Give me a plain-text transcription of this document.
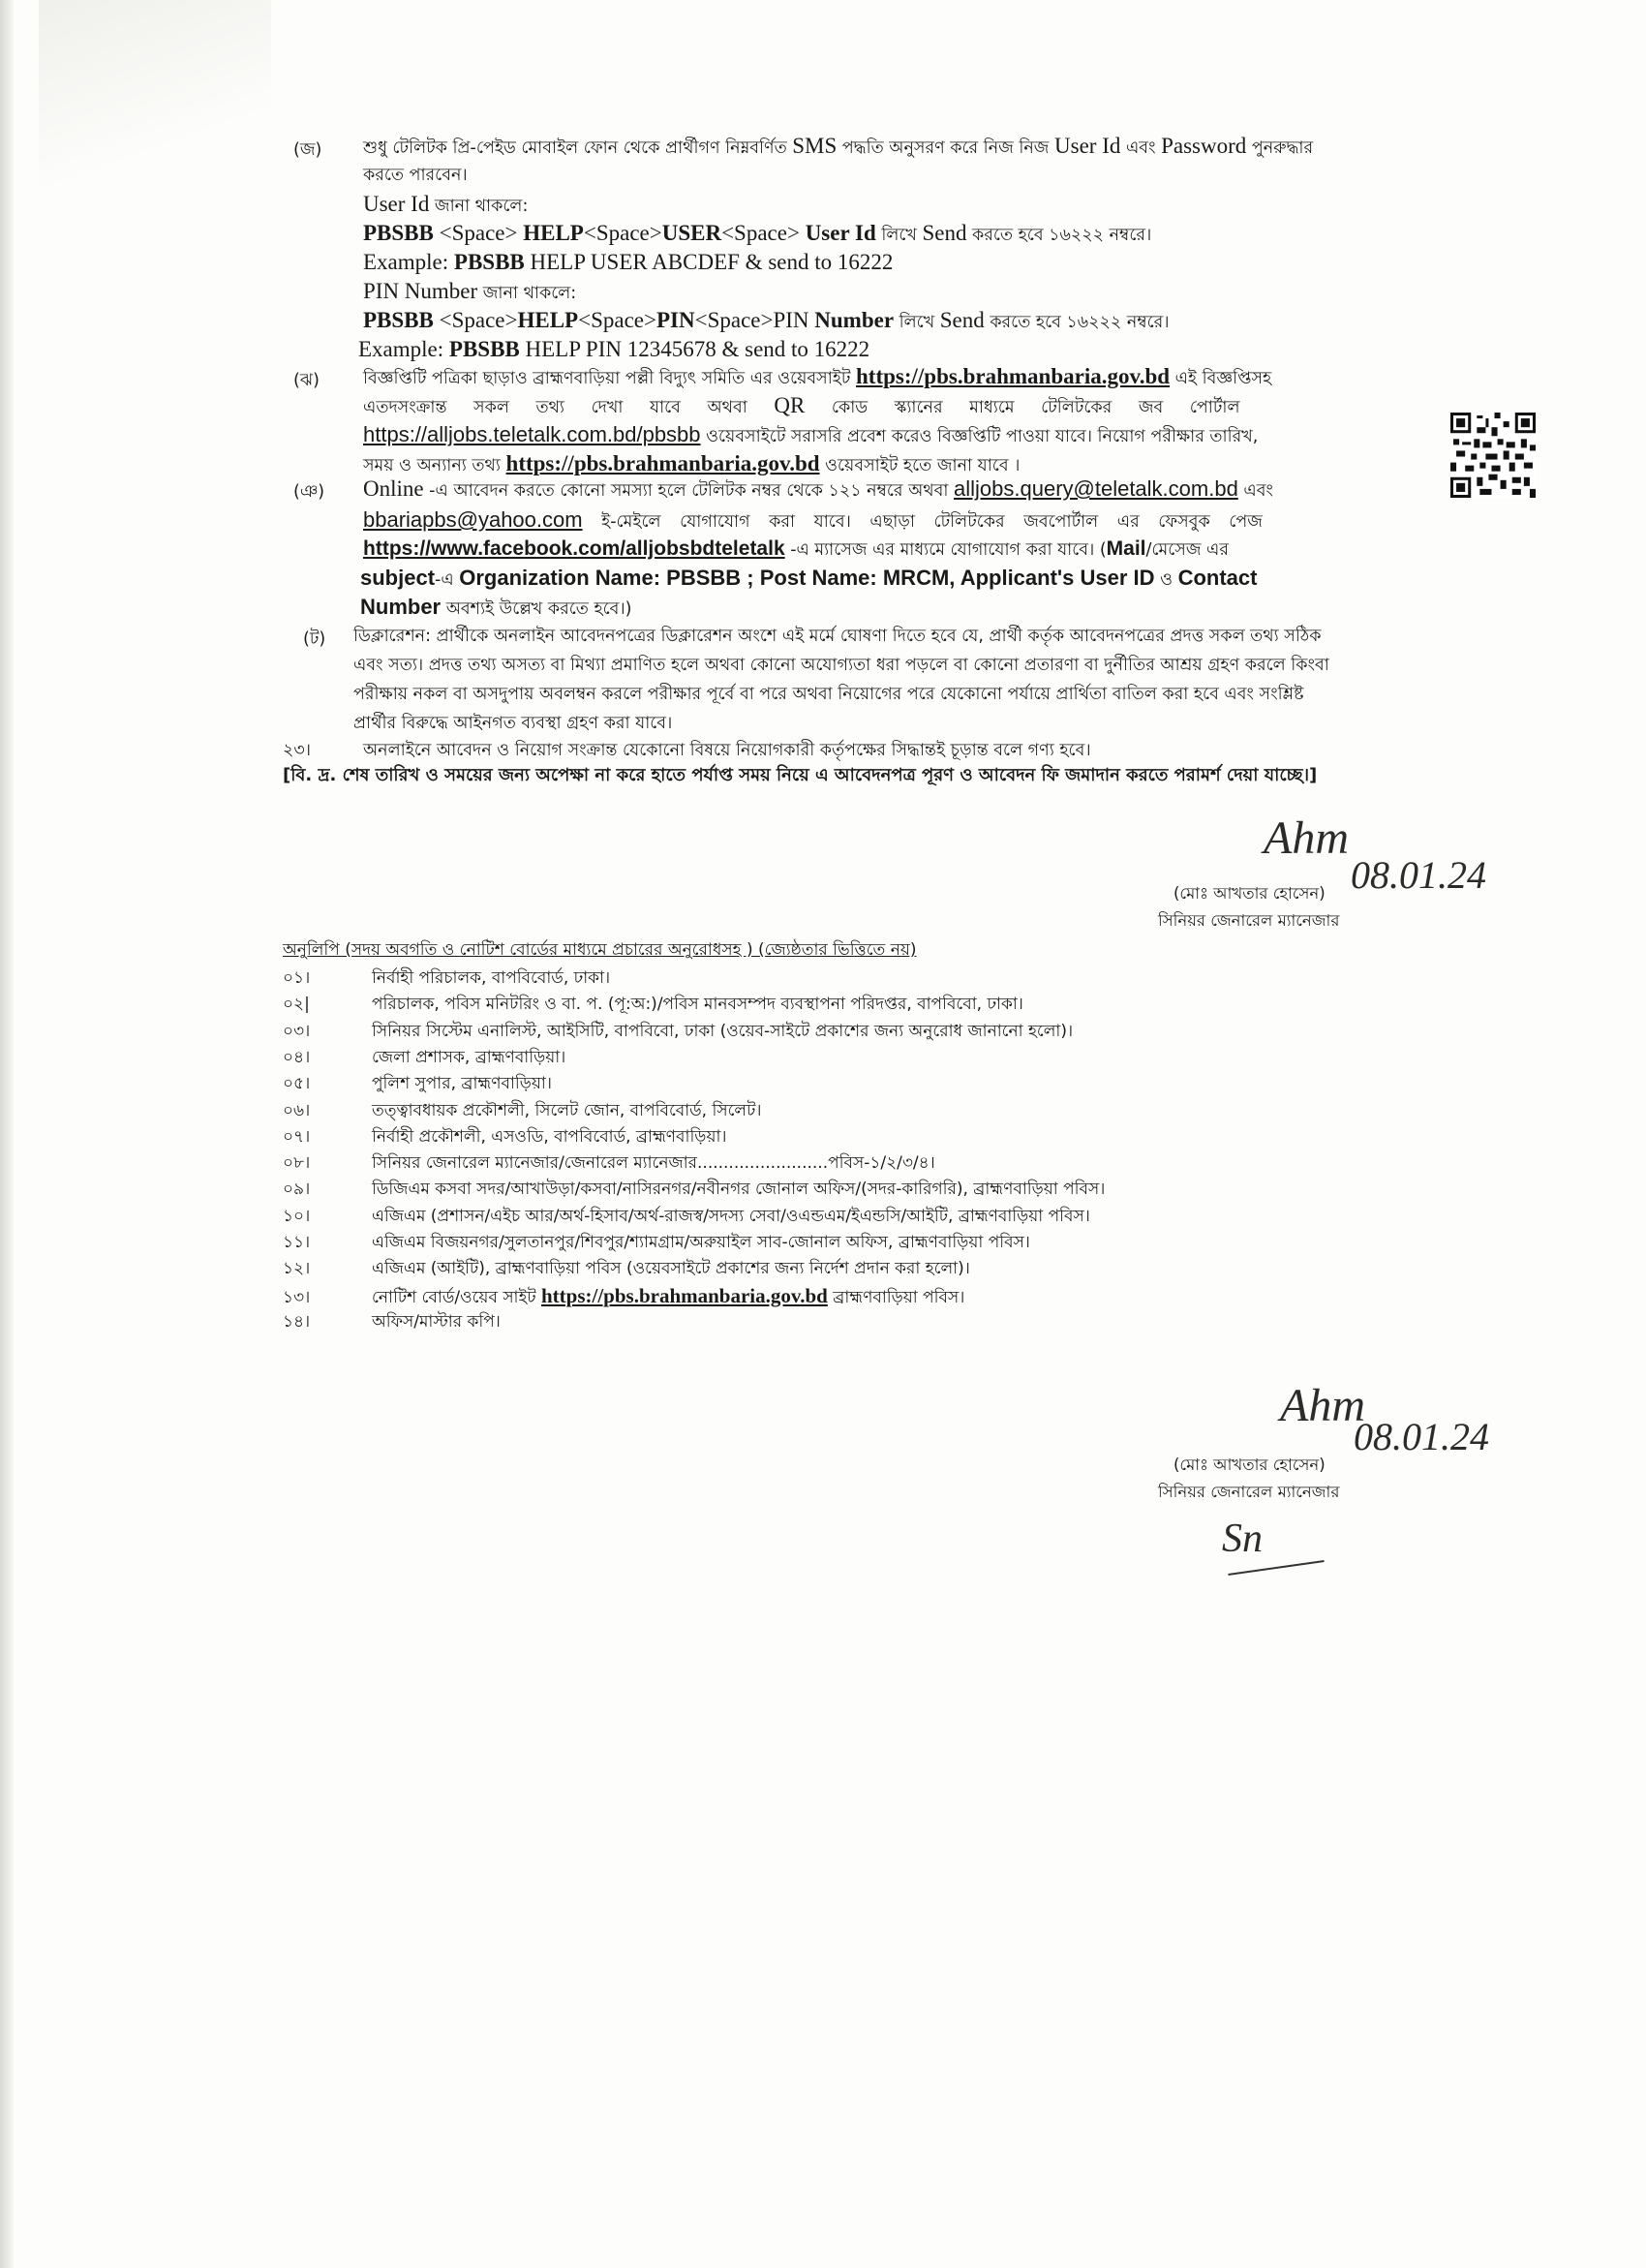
(জ) শুধু টেলিটক প্রি-পেইড মোবাইল ফোন থেকে প্রার্থীগণ নিম্নবর্ণিত SMS পদ্ধতি অনুসরণ করে নিজ নিজ User Id এবং Password পুনরুদ্ধার
করতে পারবেন।
User Id জানা থাকলে:
PBSBB <Space> HELP<Space>USER<Space> User Id লিখে Send করতে হবে ১৬২২২ নম্বরে।
Example: PBSBB HELP USER ABCDEF & send to 16222
PIN Number জানা থাকলে:
PBSBB <Space>HELP<Space>PIN<Space>PIN Number লিখে Send করতে হবে ১৬২২২ নম্বরে।
Example: PBSBB HELP PIN 12345678 & send to 16222
(ঝ)	বিজ্ঞপ্তিটি পত্রিকা ছাড়াও ব্রাহ্মণবাড়িয়া পল্লী বিদ্যুৎ সমিতি এর ওয়েবসাইট https://pbs.brahmanbaria.gov.bd এই বিজ্ঞপ্তিসহ
এতদসংক্রান্ত সকল তথ্য দেখা যাবে অথবা QR কোড স্ক্যানের মাধ্যমে টেলিটকের জব পোর্টাল
https://alljobs.teletalk.com.bd/pbsbb ওয়েবসাইটে সরাসরি প্রবেশ করেও বিজ্ঞপ্তিটি পাওয়া যাবে। নিয়োগ পরীক্ষার তারিখ,
সময় ও অন্যান্য তথ্য https://pbs.brahmanbaria.gov.bd ওয়েবসাইট হতে জানা যাবে ।
(ঞ) Online -এ আবেদন করতে কোনো সমস্যা হলে টেলিটক নম্বর থেকে ১২১ নম্বরে অথবা alljobs.query@teletalk.com.bd এবং
bbariapbs@yahoo.com ই-মেইলে যোগাযোগ করা যাবে। এছাড়া টেলিটকের জবপোর্টাল এর ফেসবুক পেজ
https://www.facebook.com/alljobsbdteletalk -এ ম্যাসেজ এর মাধ্যমে যোগাযোগ করা যাবে। (Mail/মেসেজ এর
subject-এ Organization Name: PBSBB ; Post Name: MRCM, Applicant's User ID ও Contact
Number অবশ্যই উল্লেখ করতে হবে।)
(ট) ডিক্লারেশন: প্রার্থীকে অনলাইন আবেদনপত্রের ডিক্লারেশন অংশে এই মর্মে ঘোষণা দিতে হবে যে, প্রার্থী কর্তৃক আবেদনপত্রের প্রদত্ত সকল তথ্য সঠিক
এবং সত্য। প্রদত্ত তথ্য অসত্য বা মিথ্যা প্রমাণিত হলে অথবা কোনো অযোগ্যতা ধরা পড়লে বা কোনো প্রতারণা বা দুর্নীতির আশ্রয় গ্রহণ করলে কিংবা
পরীক্ষায় নকল বা অসদুপায় অবলম্বন করলে পরীক্ষার পূর্বে বা পরে অথবা নিয়োগের পরে যেকোনো পর্যায়ে প্রার্থিতা বাতিল করা হবে এবং সংশ্লিষ্ট
প্রার্থীর বিরুদ্ধে আইনগত ব্যবস্থা গ্রহণ করা যাবে।
২৩।	অনলাইনে আবেদন ও নিয়োগ সংক্রান্ত যেকোনো বিষয়ে নিয়োগকারী কর্তৃপক্ষের সিদ্ধান্তই চূড়ান্ত বলে গণ্য হবে।
[বি. দ্র. শেষ তারিখ ও সময়ের জন্য অপেক্ষা না করে হাতে পর্যাপ্ত সময় নিয়ে এ আবেদনপত্র পূরণ ও আবেদন ফি জমাদান করতে পরামর্শ দেয়া যাচ্ছে।]
Ahm
08.01.24
(মোঃ আখতার হোসেন)
সিনিয়র জেনারেল ম্যানেজার
অনুলিপি (সদয় অবগতি ও নোটিশ বোর্ডের মাধ্যমে প্রচারের অনুরোধসহ ) (জ্যেষ্ঠতার ভিত্তিতে নয়)
০১।	নির্বাহী পরিচালক, বাপবিবোর্ড, ঢাকা।
০২|	পরিচালক, পবিস মনিটরিং ও বা. প. (পূ:অ:)/পবিস মানবসম্পদ ব্যবস্থাপনা পরিদপ্তর, বাপবিবো, ঢাকা।
০৩।	সিনিয়র সিস্টেম এনালিস্ট, আইসিটি, বাপবিবো, ঢাকা (ওয়েব-সাইটে প্রকাশের জন্য অনুরোধ জানানো হলো)।
০৪।	জেলা প্রশাসক, ব্রাহ্মণবাড়িয়া।
০৫।	পুলিশ সুপার, ব্রাহ্মণবাড়িয়া।
০৬।	তত্ত্বাবধায়ক প্রকৌশলী, সিলেট জোন, বাপবিবোর্ড, সিলেট।
০৭।	নির্বাহী প্রকৌশলী, এসওডি, বাপবিবোর্ড, ব্রাহ্মণবাড়িয়া।
০৮।	সিনিয়র জেনারেল ম্যানেজার/জেনারেল ম্যানেজার.........................পবিস-১/২/৩/৪।
০৯।	ডিজিএম কসবা সদর/আখাউড়া/কসবা/নাসিরনগর/নবীনগর জোনাল অফিস/(সদর-কারিগরি), ব্রাহ্মণবাড়িয়া পবিস।
১০।	এজিএম (প্রশাসন/এইচ আর/অর্থ-হিসাব/অর্থ-রাজস্ব/সদস্য সেবা/ওএন্ডএম/ইএন্ডসি/আইটি, ব্রাহ্মণবাড়িয়া পবিস।
১১।	এজিএম বিজয়নগর/সুলতানপুর/শিবপুর/শ্যামগ্রাম/অরুয়াইল সাব-জোনাল অফিস, ব্রাহ্মণবাড়িয়া পবিস।
১২।	এজিএম (আইটি), ব্রাহ্মণবাড়িয়া পবিস (ওয়েবসাইটে প্রকাশের জন্য নির্দেশ প্রদান করা হলো)।
১৩।	নোটিশ বোর্ড/ওয়েব সাইট https://pbs.brahmanbaria.gov.bd ব্রাহ্মণবাড়িয়া পবিস।
১৪।	অফিস/মাস্টার কপি।
Ahm
08.01.24
(মোঃ আখতার হোসেন)
সিনিয়র জেনারেল ম্যানেজার
Sn
